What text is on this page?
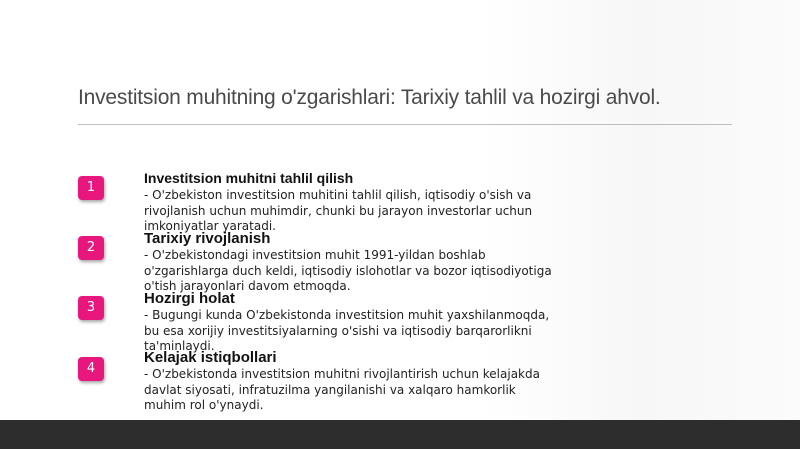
Investitsion muhitning o'zgarishlari: Tarixiy tahlil va hozirgi ahvol.
1
Investitsion muhitni tahlil qilish
- O'zbekiston investitsion muhitini tahlil qilish, iqtisodiy o'sish va rivojlanish uchun muhimdir, chunki bu jarayon investorlar uchun imkoniyatlar yaratadi.
2
Tarixiy rivojlanish
- O'zbekistondagi investitsion muhit 1991-yildan boshlab o'zgarishlarga duch keldi, iqtisodiy islohotlar va bozor iqtisodiyotiga o'tish jarayonlari davom etmoqda.
3
Hozirgi holat
- Bugungi kunda O'zbekistonda investitsion muhit yaxshilanmoqda, bu esa xorijiy investitsiyalarning o'sishi va iqtisodiy barqarorlikni ta'minlaydi.
4
Kelajak istiqbollari
- O'zbekistonda investitsion muhitni rivojlantirish uchun kelajakda davlat siyosati, infratuzilma yangilanishi va xalqaro hamkorlik muhim rol o'ynaydi.
